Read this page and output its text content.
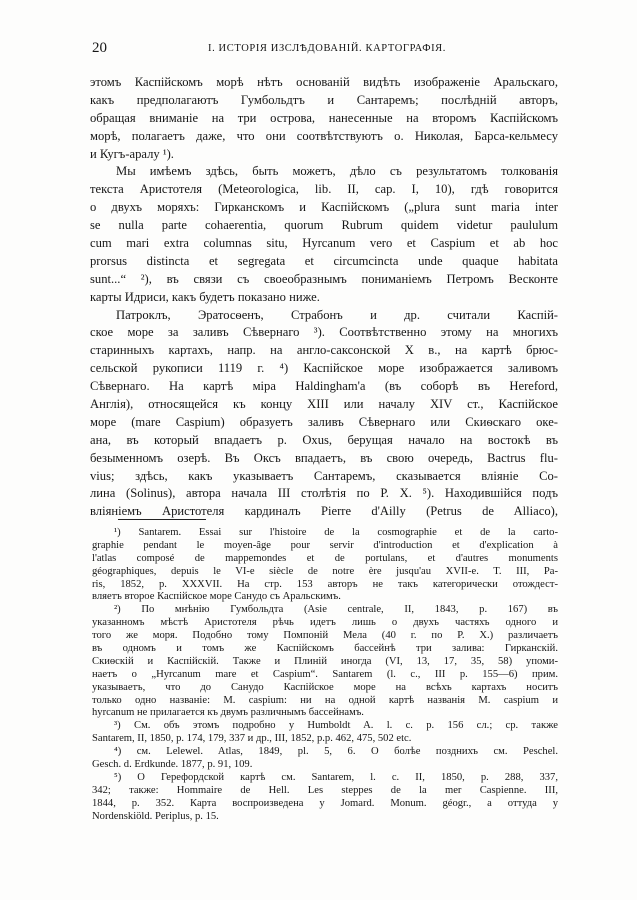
20	I. ИСТОРІЯ ИЗСЛѢДОВАНІЙ. КАРТОГРАФІЯ.
этомъ Каспійскомъ морѣ нѣтъ основаній видѣть изображеніе Аральскаго,
какъ предполагаютъ Гумбольдтъ и Сантаремъ; послѣдній авторъ,
обращая вниманіе на три острова, нанесенные на второмъ Каспійскомъ
морѣ, полагаетъ даже, что они соотвѣтствуютъ о. Николая, Барса-кельмесу
и Кугъ-аралу ¹).
Мы имѣемъ здѣсь, быть можетъ, дѣло съ результатомъ толкованія
текста Аристотеля (Meteorologica, lib. II, cap. I, 10), гдѣ говорится
о двухъ моряхъ: Гирканскомъ и Каспійскомъ („plura sunt maria inter
se nulla parte cohaerentia, quorum Rubrum quidem videtur paululum
cum mari extra columnas situ, Hyrcanum vero et Caspium et ab hoc
prorsus distincta et segregata et circumcincta unde quaque habitata
sunt...“ ²), въ связи съ своеобразнымъ пониманіемъ Петромъ Весконте
карты Идриси, какъ будетъ показано ниже.
Патроклъ, Эратосѳенъ, Страбонъ и др. считали Каспій-
ское море за заливъ Сѣвернаго ³). Соотвѣтственно этому на многихъ
старинныхъ картахъ, напр. на англо-саксонской X в., на картѣ брюс-
сельской рукописи 1119 г. ⁴) Каспійское море изображается заливомъ
Сѣвернаго. На картѣ міра Haldingham'а (въ соборѣ въ Hereford,
Англія), относящейся къ концу XIII или началу XIV ст., Каспійское
море (mare Caspium) образуетъ заливъ Сѣвернаго или Скиѳскаго оке-
ана, въ который впадаетъ р. Oxus, берущая начало на востокѣ въ
безыменномъ озерѣ. Въ Оксъ впадаетъ, въ свою очередь, Bactrus flu-
vius; здѣсь, какъ указываетъ Сантаремъ, сказывается вліяніе Со-
лина (Solinus), автора начала III столѣтія по Р. Х. ⁵). Находившійся подъ
вліяніемъ Аристотеля кардиналъ Pierre d'Ailly (Petrus de Alliaco),
¹) Santarem. Essai sur l'histoire de la cosmographie et de la carto-
graphie pendant le moyen-âge pour servir d'introduction et d'explication à
l'atlas composé de mappemondes et de portulans, et d'autres monuments
géographiques, depuis le VI-e siècle de notre ère jusqu'au XVII-e. T. III, Pa-
ris, 1852, p. XXXVII. На стр. 153 авторъ не такъ категорически отождест-
вляетъ второе Каспійское море Санудо съ Аральскимъ.
²) По мнѣнію Гумбольдта (Asie centrale, II, 1843, p. 167) въ
указанномъ мѣстѣ Аристотеля рѣчь идетъ лишь о двухъ частяхъ одного и
того же моря. Подобно тому Помпоній Мела (40 г. по Р. Х.) различаетъ
въ одномъ и томъ же Каспійскомъ бассейнѣ три залива: Гирканскій.
Скиѳскій и Каспійскій. Также и Плиній иногда (VI, 13, 17, 35, 58) упоми-
наетъ о „Hyrcanum mare et Caspium“. Santarem (l. c., III p. 155—6) прим.
указываетъ, что до Санудо Каспійское море на всѣхъ картахъ носитъ
только одно названіе: M. caspium: ни на одной картѣ названія M. caspium и
hyrcanum не прилагается къ двумъ различнымъ бассейнамъ.
³) См. объ этомъ подробно у Humboldt A. l. c. p. 156 сл.; ср. также
Santarem, II, 1850, p. 174, 179, 337 и др., III, 1852, p.p. 462, 475, 502 etc.
⁴) см. Lelewel. Atlas, 1849, pl. 5, 6. О болѣе позднихъ см. Peschel.
Gesch. d. Erdkunde. 1877, p. 91, 109.
⁵) О Герефордской картѣ см. Santarem, l. c. II, 1850, p. 288, 337,
342; также: Hommaire de Hell. Les steppes de la mer Caspienne. III,
1844, p. 352. Карта воспроизведена у Jomard. Monum. géogr., а оттуда у
Nordenskiöld. Periplus, p. 15.
